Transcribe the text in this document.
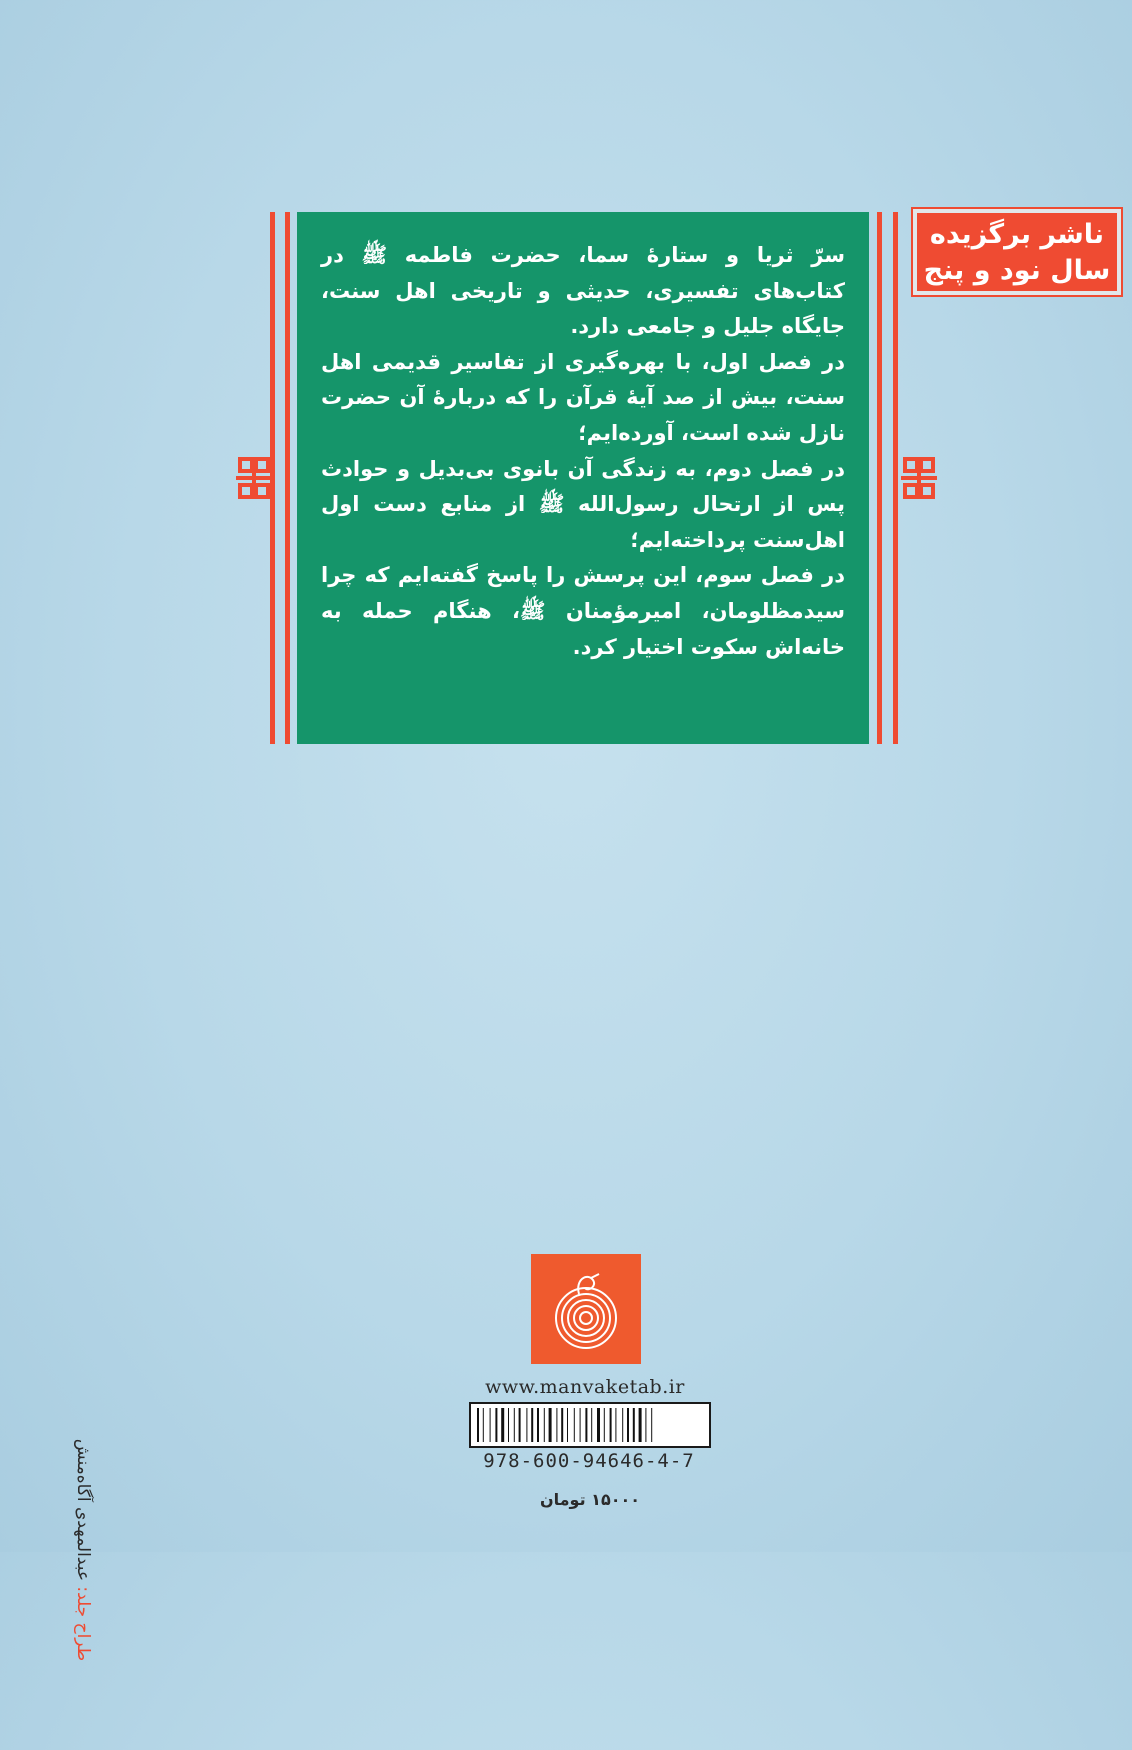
سرّ ثریا و ستارهٔ سما، حضرت فاطمه ﷺ در کتاب‌های تفسیری، حدیثی و تاریخی اهل سنت، جایگاه جلیل و جامعی دارد.

در فصل اول، با بهره‌گیری از تفاسیر قدیمی اهل سنت، بیش از صد آیهٔ قرآن را که دربارهٔ آن حضرت نازل شده است، آورده‌ایم؛

در فصل دوم، به زندگی آن بانوی بی‌بدیل و حوادث پس از ارتحال رسول‌الله ﷺ از منابع دست اول اهل‌سنت پرداخته‌ایم؛

در فصل سوم، این پرسش را پاسخ گفته‌ایم که چرا سیدمظلومان، امیرمؤمنان ﷺ، هنگام حمله به خانه‌اش سکوت اختیار کرد.

ناشر برگزیده
سال نود و پنج
www.manvaketab.ir
978-600-94646-4-7
۱۵۰۰۰ تومان
طراح جلد: عبدالمهدی آگاه‌منش
